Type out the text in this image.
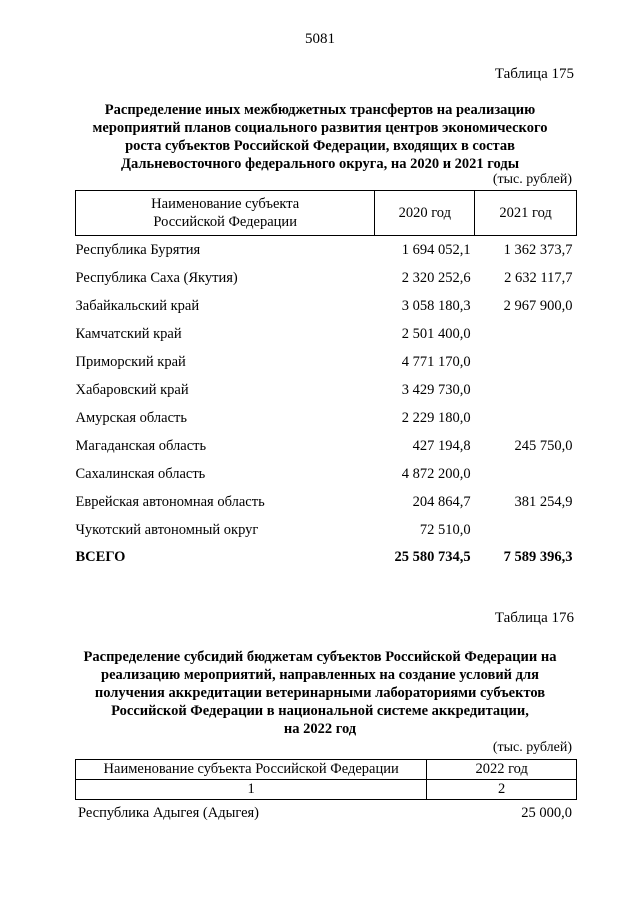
5081
Таблица 175
Распределение иных межбюджетных трансфертов на реализацию
мероприятий планов социального развития центров экономического
роста субъектов Российской Федерации, входящих в состав
Дальневосточного федерального округа, на 2020 и 2021 годы
(тыс. рублей)
Наименование субъекта
Российской Федерации	2020 год	2021 год
Республика Бурятия	1 694 052,1	1 362 373,7
Республика Саха (Якутия)	2 320 252,6	2 632 117,7
Забайкальский край	3 058 180,3	2 967 900,0
Камчатский край	2 501 400,0	
Приморский край	4 771 170,0	
Хабаровский край	3 429 730,0	
Амурская область	2 229 180,0	
Магаданская область	427 194,8	245 750,0
Сахалинская область	4 872 200,0	
Еврейская автономная область	204 864,7	381 254,9
Чукотский автономный округ	72 510,0	
ВСЕГО	25 580 734,5	7 589 396,3
Таблица 176
Распределение субсидий бюджетам субъектов Российской Федерации на
реализацию мероприятий, направленных на создание условий для
получения аккредитации ветеринарными лабораториями субъектов
Российской Федерации в национальной системе аккредитации,
на 2022 год
(тыс. рублей)
Наименование субъекта Российской Федерации	2022 год
1	2
Республика Адыгея (Адыгея)	25 000,0
